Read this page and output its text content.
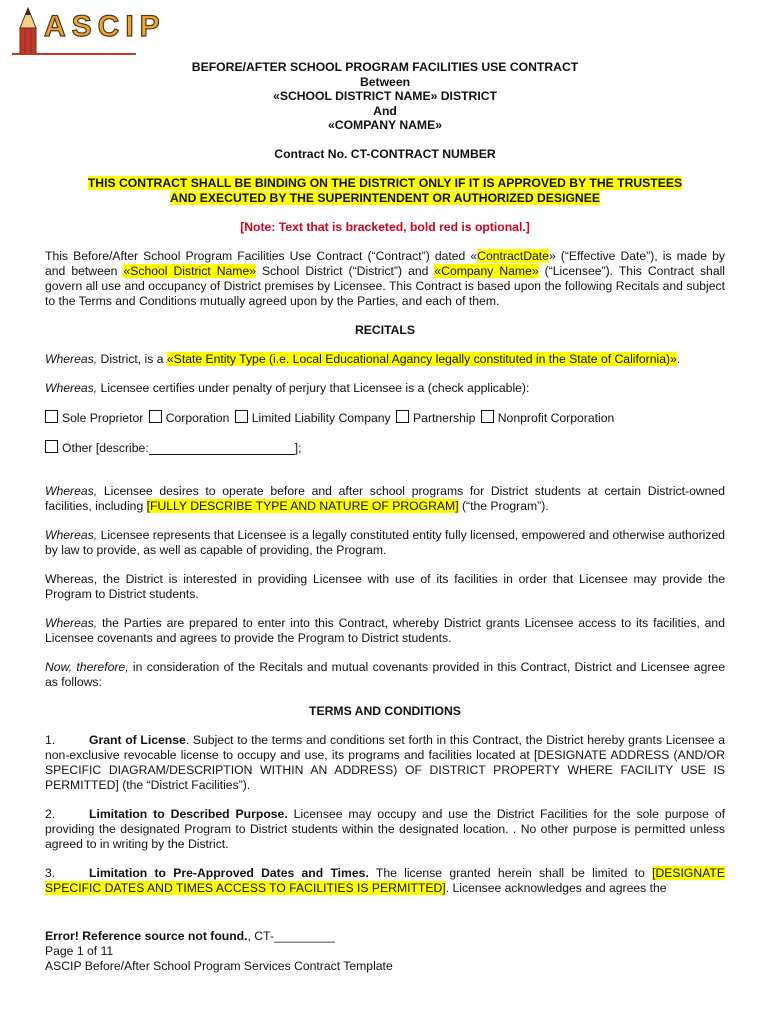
ASCIP
BEFORE/AFTER SCHOOL PROGRAM FACILITIES USE CONTRACT
Between
«SCHOOL DISTRICT NAME» DISTRICT
And
«COMPANY NAME»
Contract No. CT-CONTRACT NUMBER
THIS CONTRACT SHALL BE BINDING ON THE DISTRICT ONLY IF IT IS APPROVED BY THE TRUSTEES
AND EXECUTED BY THE SUPERINTENDENT OR AUTHORIZED DESIGNEE
[Note: Text that is bracketed, bold red is optional.]

This Before/After School Program Facilities Use Contract (“Contract”) dated «ContractDate» (“Effective Date”), is made by and between «School District Name» School District (“District”) and «Company Name» (“Licensee”). This Contract shall govern all use and occupancy of District premises by Licensee. This Contract is based upon the following Recitals and subject to the Terms and Conditions mutually agreed upon by the Parties, and each of them.

RECITALS

Whereas, District, is a «State Entity Type (i.e. Local Educational Agancy legally constituted in the State of California)».

Whereas, Licensee certifies under penalty of perjury that Licensee is a (check applicable):

Sole Proprietor Corporation Limited Liability Company Partnership Nonprofit Corporation
Other [describe:	];

Whereas, Licensee desires to operate before and after school programs for District students at certain District-owned facilities, including [FULLY DESCRIBE TYPE AND NATURE OF PROGRAM] (“the Program”).

Whereas, Licensee represents that Licensee is a legally constituted entity fully licensed, empowered and otherwise authorized by law to provide, as well as capable of providing, the Program.

Whereas, the District is interested in providing Licensee with use of its facilities in order that Licensee may provide the Program to District students.

Whereas, the Parties are prepared to enter into this Contract, whereby District grants Licensee access to its facilities, and Licensee covenants and agrees to provide the Program to District students.

Now, therefore, in consideration of the Recitals and mutual covenants provided in this Contract, District and Licensee agree as follows:

TERMS AND CONDITIONS

1.	Grant of License. Subject to the terms and conditions set forth in this Contract, the District hereby grants Licensee a non-exclusive revocable license to occupy and use, its programs and facilities located at [DESIGNATE ADDRESS (AND/OR SPECIFIC DIAGRAM/DESCRIPTION WITHIN AN ADDRESS) OF DISTRICT PROPERTY WHERE FACILITY USE IS PERMITTED] (the “District Facilities”).

2.	Limitation to Described Purpose. Licensee may occupy and use the District Facilities for the sole purpose of providing the designated Program to District students within the designated location. . No other purpose is permitted unless agreed to in writing by the District.

3.	Limitation to Pre-Approved Dates and Times. The license granted herein shall be limited to [DESIGNATE SPECIFIC DATES AND TIMES ACCESS TO FACILITIES IS PERMITTED]. Licensee acknowledges and agrees the

Error! Reference source not found., CT-_________
Page 1 of 11
ASCIP Before/After School Program Services Contract Template
